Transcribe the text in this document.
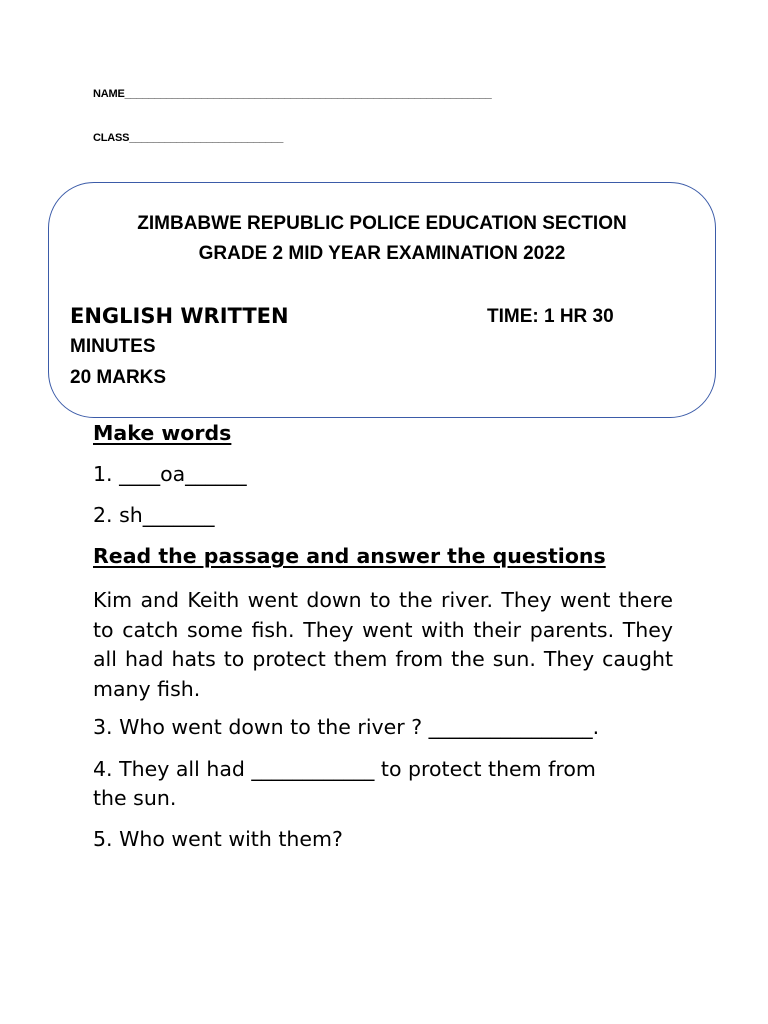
NAME______________________________________________________________
CLASS__________________________
ZIMBABWE REPUBLIC POLICE EDUCATION SECTION
GRADE 2 MID YEAR EXAMINATION 2022
ENGLISH WRITTEN	TIME: 1 HR 30
MINUTES
20 MARKS
Make words
1. ____oa______
2. sh_______
Read the passage and answer the questions

Kim and Keith went down to the river. They went there to catch some fish. They went with their parents. They all had hats to protect them from the sun. They caught many fish.

3. Who went down to the river ? ________________.
4. They all had ____________ to protect them from
the sun.
5. Who went with them?
